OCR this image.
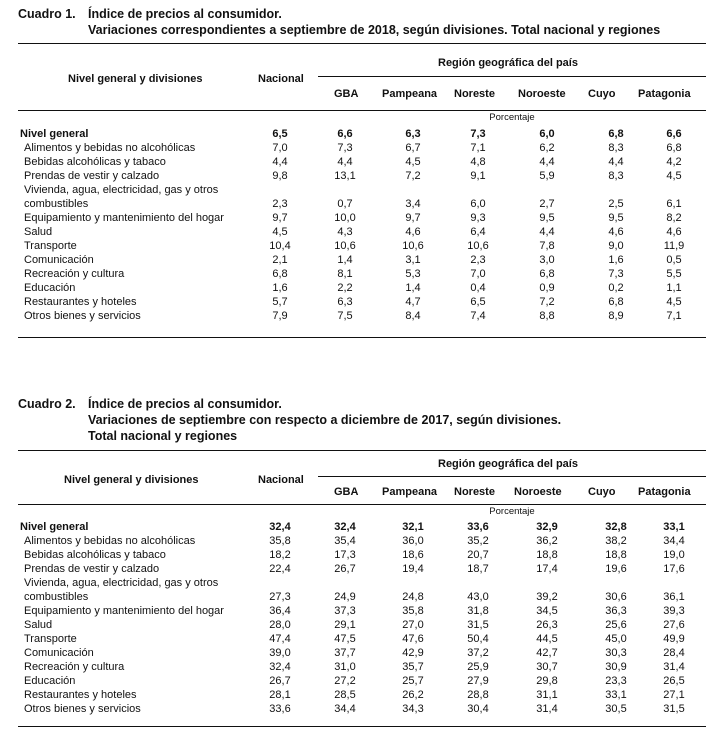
Cuadro 1. Índice de precios al consumidor.
Variaciones correspondientes a septiembre de 2018, según divisiones. Total nacional y regiones
Nivel general y divisiones	Nacional
Región geográfica del país
GBA Pampeana Noreste Noroeste Cuyo Patagonia
Porcentaje
Nivel general	6,5	6,6	6,3	7,3	6,0	6,8	6,6
Alimentos y bebidas no alcohólicas	7,0	7,3	6,7	7,1	6,2	8,3	6,8
Bebidas alcohólicas y tabaco	4,4	4,4	4,5	4,8	4,4	4,4	4,2
Prendas de vestir y calzado	9,8	13,1	7,2	9,1	5,9	8,3	4,5
Vivienda, agua, electricidad, gas y otros combustibles	2,3	0,7	3,4	6,0	2,7	2,5	6,1
Equipamiento y mantenimiento del hogar	9,7	10,0	9,7	9,3	9,5	9,5	8,2
Salud	4,5	4,3	4,6	6,4	4,4	4,6	4,6
Transporte	10,4	10,6	10,6	10,6	7,8	9,0	11,9
Comunicación	2,1	1,4	3,1	2,3	3,0	1,6	0,5
Recreación y cultura	6,8	8,1	5,3	7,0	6,8	7,3	5,5
Educación	1,6	2,2	1,4	0,4	0,9	0,2	1,1
Restaurantes y hoteles	5,7	6,3	4,7	6,5	7,2	6,8	4,5
Otros bienes y servicios	7,9	7,5	8,4	7,4	8,8	8,9	7,1
Cuadro 2. Índice de precios al consumidor.
Variaciones de septiembre con respecto a diciembre de 2017, según divisiones.
Total nacional y regiones
Nivel general y divisiones	Nacional
Región geográfica del país
GBA Pampeana Noreste Noroeste Cuyo Patagonia
Porcentaje
Nivel general	32,4	32,4	32,1	33,6	32,9	32,8	33,1
Alimentos y bebidas no alcohólicas	35,8	35,4	36,0	35,2	36,2	38,2	34,4
Bebidas alcohólicas y tabaco	18,2	17,3	18,6	20,7	18,8	18,8	19,0
Prendas de vestir y calzado	22,4	26,7	19,4	18,7	17,4	19,6	17,6
Vivienda, agua, electricidad, gas y otros combustibles	27,3	24,9	24,8	43,0	39,2	30,6	36,1
Equipamiento y mantenimiento del hogar	36,4	37,3	35,8	31,8	34,5	36,3	39,3
Salud	28,0	29,1	27,0	31,5	26,3	25,6	27,6
Transporte	47,4	47,5	47,6	50,4	44,5	45,0	49,9
Comunicación	39,0	37,7	42,9	37,2	42,7	30,3	28,4
Recreación y cultura	32,4	31,0	35,7	25,9	30,7	30,9	31,4
Educación	26,7	27,2	25,7	27,9	29,8	23,3	26,5
Restaurantes y hoteles	28,1	28,5	26,2	28,8	31,1	33,1	27,1
Otros bienes y servicios	33,6	34,4	34,3	30,4	31,4	30,5	31,5
